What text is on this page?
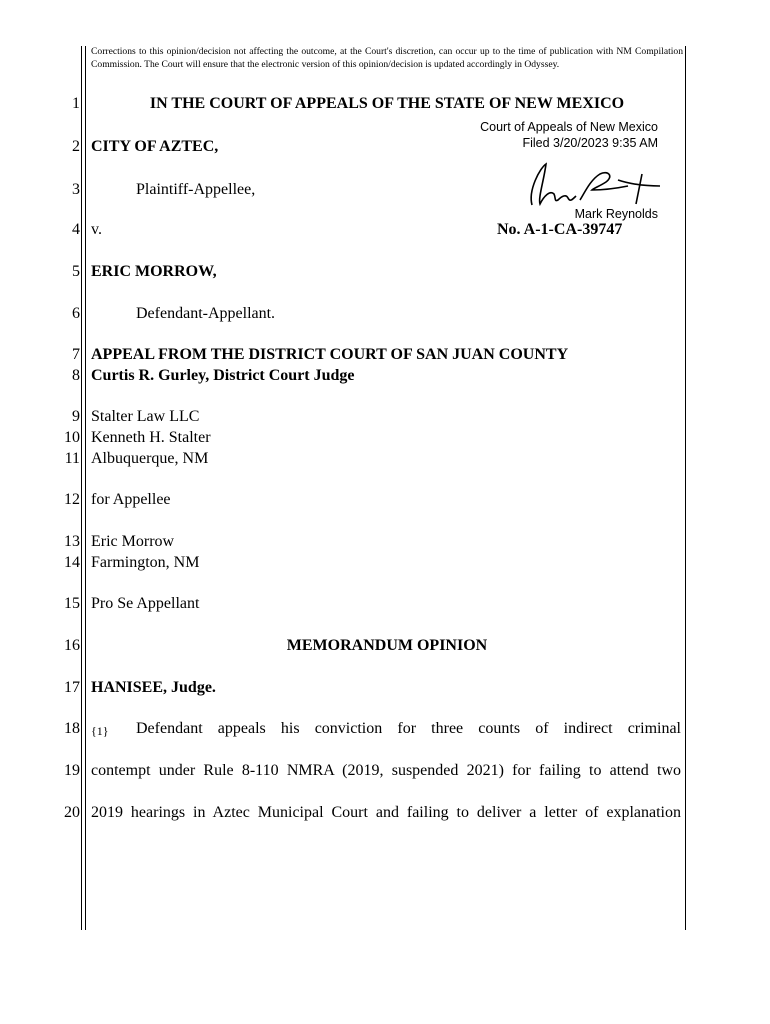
Corrections to this opinion/decision not affecting the outcome, at the Court's discretion, can occur up to the time of publication with NM Compilation Commission. The Court will ensure that the electronic version of this opinion/decision is updated accordingly in Odyssey.
1	IN THE COURT OF APPEALS OF THE STATE OF NEW MEXICO
Court of Appeals of New Mexico
Filed 3/20/2023 9:35 AM
2 CITY OF AZTEC,
3	Plaintiff-Appellee,
Mark Reynolds
4 v.	No. A-1-CA-39747
5 ERIC MORROW,
6	Defendant-Appellant.
7 APPEAL FROM THE DISTRICT COURT OF SAN JUAN COUNTY
8 Curtis R. Gurley, District Court Judge
9 Stalter Law LLC
10 Kenneth H. Stalter
11 Albuquerque, NM
12 for Appellee
13 Eric Morrow
14 Farmington, NM
15 Pro Se Appellant
16	MEMORANDUM OPINION
17 HANISEE, Judge.
18 {1} Defendant appeals his conviction for three counts of indirect criminal
19 contempt under Rule 8-110 NMRA (2019, suspended 2021) for failing to attend two
20 2019 hearings in Aztec Municipal Court and failing to deliver a letter of explanation
